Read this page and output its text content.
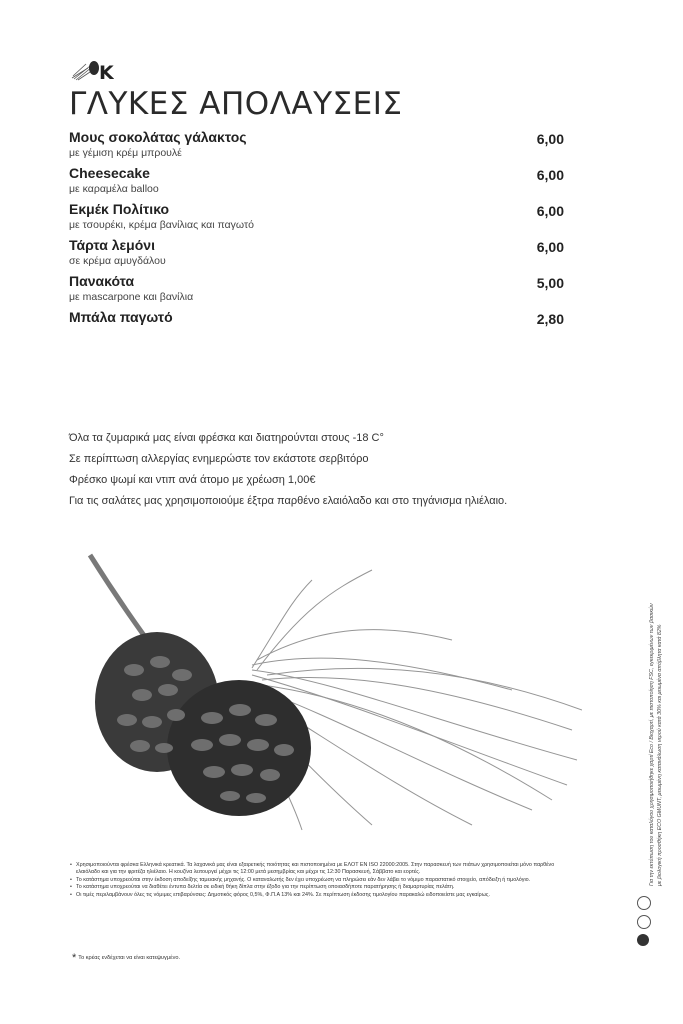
K
ΓΛΥΚΕΣ ΑΠΟΛΑΥΣΕΙΣ
Μους σοκολάτας γάλακτος
με γέμιση κρέμ μπρουλέ
6,00
Cheesecake
με καραμέλα balloo
6,00
Εκμέκ Πολίτικο
με τσουρέκι, κρέμα βανίλιας και παγωτό
6,00
Τάρτα λεμόνι
σε κρέμα αμυγδάλου
6,00
Πανακότα
με mascarpone και βανίλια
5,00
Μπάλα παγωτό	2,80
Όλα τα ζυμαρικά μας είναι φρέσκα και διατηρούνται στους -18 C°
Σε περίπτωση αλλεργίας ενημερώστε τον εκάστοτε σερβιτόρο
Φρέσκο ψωμί και ντιπ ανά άτομο με χρέωση 1,00€
Για τις σαλάτες μας χρησιμοποιούμε έξτρα παρθένο ελαιόλαδο και στο τηγάνισμα ηλιέλαιο.
• Χρησιμοποιούνται φρέσκα Ελληνικά κρεατικά. Τα λαχανικά μας είναι εξαιρετικής ποιότητας και πιστοποιημένα με ΕΛΟΤ EN ISO 22000:2005. Στην παρασκευή των πιάτων χρησιμοποιείται μόνο παρθένο ελαιόλαδο και για την φριτέζα ηλιέλαιο. Η κουζίνα λειτουργεί μέχρι τις 12:00 μετά μεσημβρίας και μέχρι τις 12:30 Παρασκευή, Σάββατο και εορτές.
• Το κατάστημα υποχρεούται στην έκδοση αποδείξης ταμειακής μηχανής. Ο καταναλωτής δεν έχει υποχρέωση να πληρώσει εάν δεν λάβει το νόμιμο παραστατικό στοιχείο, απόδειξη ή τιμολόγιο.
• Το κατάστημα υποχρεούται να διαθέτει έντυπα δελτία σε ειδική θήκη δίπλα στην έξοδο για την περίπτωση οποιασδήποτε παρατήρησης ή διαμαρτυρίας πελάτη.
• Οι τιμές περιλαμβάνουν όλες τις νόμιμες επιβαρύνσεις: Δημοτικός φόρος 0,5%, Φ.Π.Α 13% και 24%. Σε περίπτωση έκδοσης τιμολογίου παρακαλώ ειδοποιείστε μας εγκαίρως.
* Το κρέας ενδέχεται να είναι κατεψυγμένο.
Για την εκτύπωση του καταλόγου χρησιμοποιήθηκε χαρτί Eco / Βιοχαρτί, με πιστοποίηση FSC, εγκεκριμένων των βασικών με βιολογική προσθήκη ECO GMUNT, μειωμένη κατανάλωση νερού κατά 30% και μειωμένα απόβλητα κατά 82%
